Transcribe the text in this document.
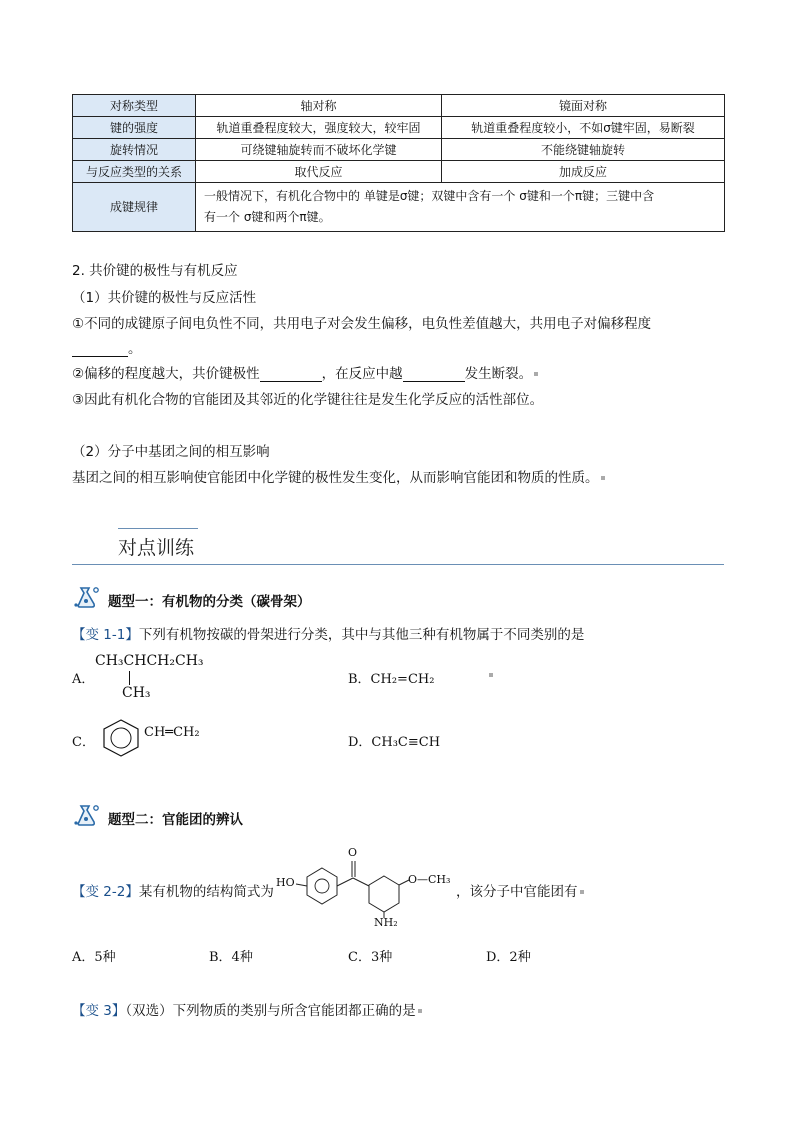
对称类型	轴对称	镜面对称
键的强度	轨道重叠程度较大，强度较大，较牢固	轨道重叠程度较小，不如σ键牢固，易断裂
旋转情况	可绕键轴旋转而不破坏化学键	不能绕键轴旋转
与反应类型的关系	取代反应	加成反应
成键规律	一般情况下，有机化合物中的 单键是σ键；双键中含有一个 σ键和一个π键；三键中含
有一个 σ键和两个π键。	
2. 共价键的极性与有机反应
（1）共价键的极性与反应活性
①不同的成键原子间电负性不同，共用电子对会发生偏移，电负性差值越大，共用电子对偏移程度
。
②偏移的程度越大，共价键极性	，在反应中越	发生断裂。
③因此有机化合物的官能团及其邻近的化学键往往是发生化学反应的活性部位。
（2）分子中基团之间的相互影响
基团之间的相互影响使官能团中化学键的极性发生变化，从而影响官能团和物质的性质。
对点训练
题型一：有机物的分类（碳骨架）
【变 1-1】下列有机物按碳的骨架进行分类，其中与其他三种有机物属于不同类别的是
A．
CH₃CHCH₂CH₃
CH₃
B．CH₂=CH₂
C．
CH═CH₂
D．CH₃C≡CH
题型二：官能团的辨认
【变 2-2】某有机物的结构简式为
HO
O
O—CH₃
NH₂
，该分子中官能团有
A．5种	B．4种	C．3种	D．2种
【变 3】（双选）下列物质的类别与所含官能团都正确的是
